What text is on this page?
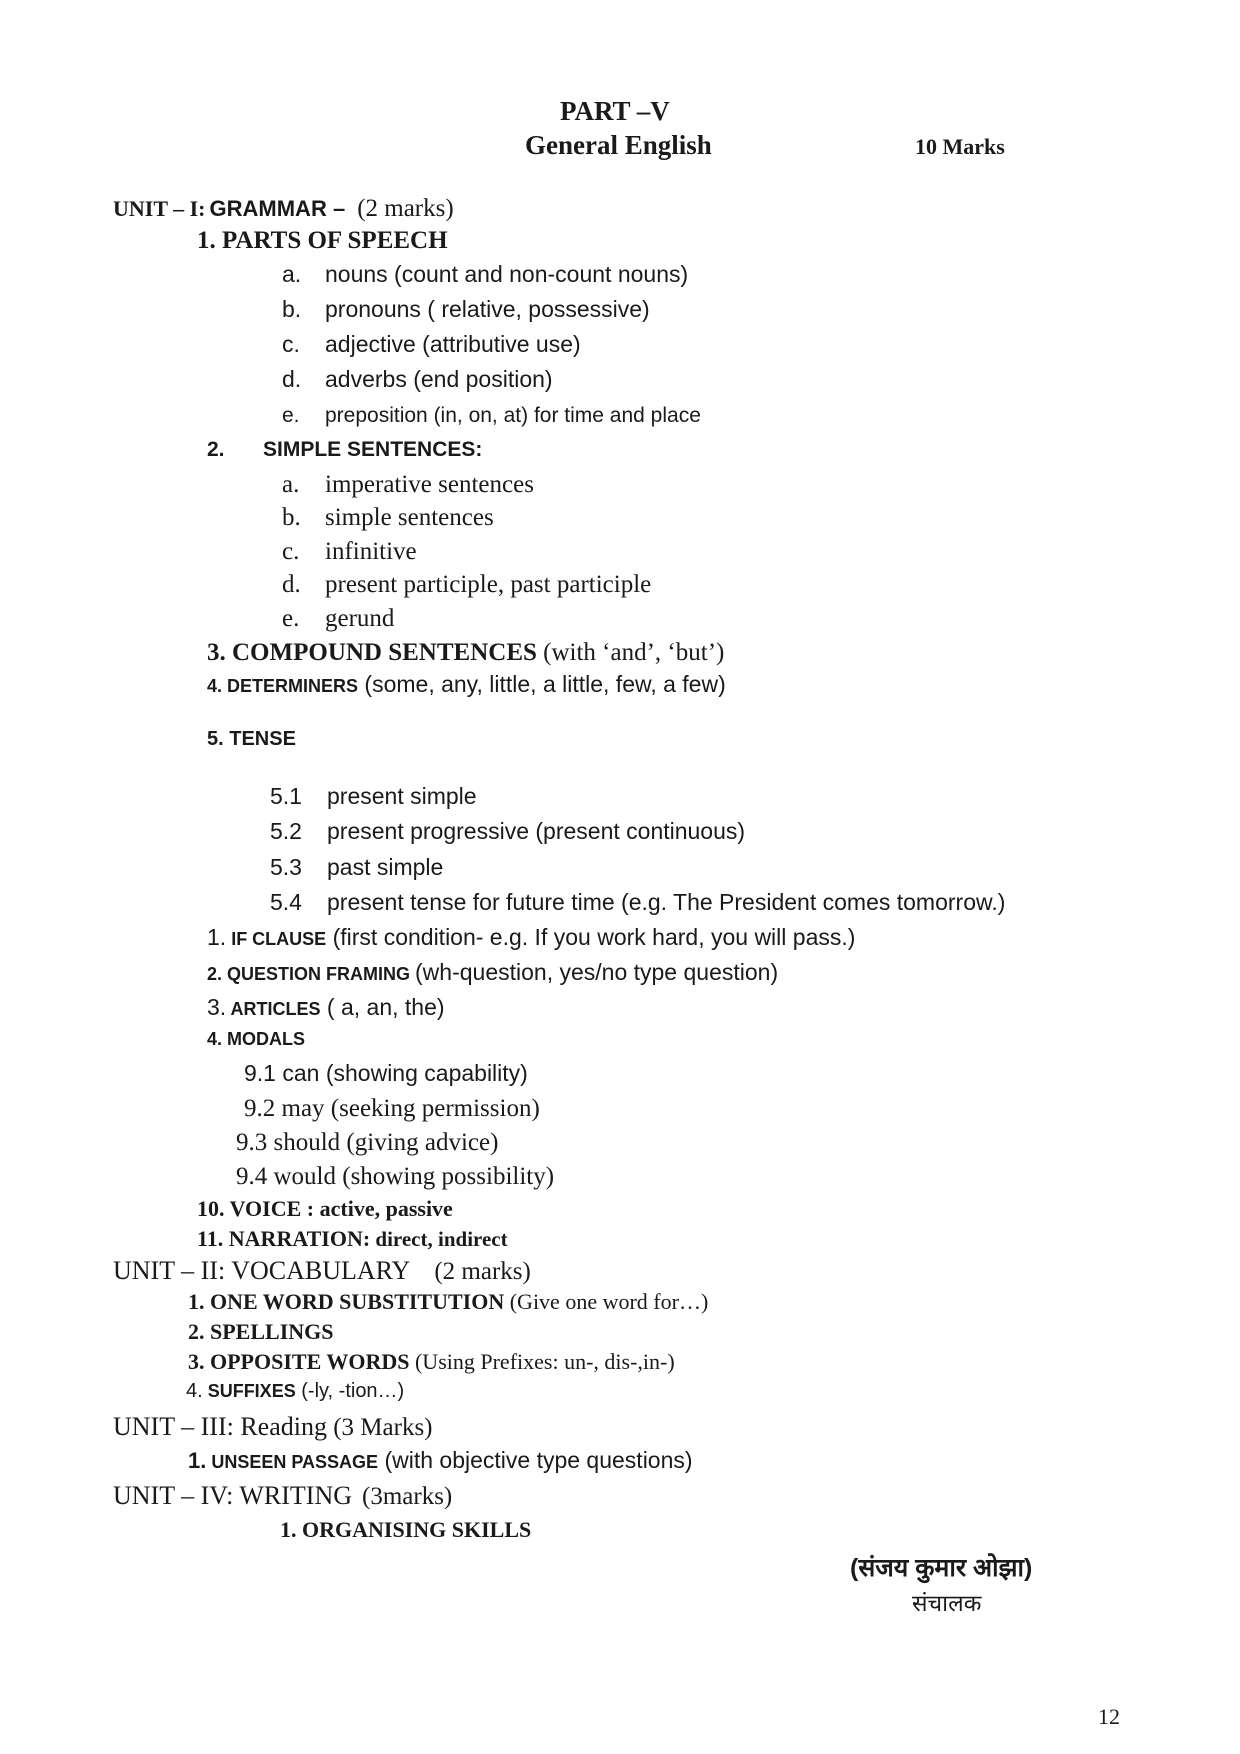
PART –V
General English	10 Marks
UNIT – I: GRAMMAR – (2 marks)
1. PARTS OF SPEECH
a. nouns (count and non-count nouns)
b. pronouns ( relative, possessive)
c. adjective (attributive use)
d. adverbs (end position)
e. preposition (in, on, at) for time and place
2. SIMPLE SENTENCES:
a. imperative sentences
b. simple sentences
c. infinitive
d. present participle, past participle
e. gerund
3. COMPOUND SENTENCES (with ‘and’, ‘but’)
4. DETERMINERS (some, any, little, a little, few, a few)
5. TENSE
5.1 present simple
5.2 present progressive (present continuous)
5.3 past simple
5.4 present tense for future time (e.g. The President comes tomorrow.)
1. IF CLAUSE (first condition- e.g. If you work hard, you will pass.)
2. QUESTION FRAMING (wh-question, yes/no type question)
3. ARTICLES ( a, an, the)
4. MODALS
9.1 can (showing capability)
9.2 may (seeking permission)
9.3 should (giving advice)
9.4 would (showing possibility)
10. VOICE : active, passive
11. NARRATION: direct, indirect
UNIT – II: VOCABULARY (2 marks)
1. ONE WORD SUBSTITUTION (Give one word for…)
2. SPELLINGS
3. OPPOSITE WORDS (Using Prefixes: un-, dis-,in-)
4. SUFFIXES (-ly, -tion…)
UNIT – III: Reading (3 Marks)
1. UNSEEN PASSAGE (with objective type questions)
UNIT – IV: WRITING (3marks)
1. ORGANISING SKILLS
(संजय कुमार ओझा)
संचालक
12
